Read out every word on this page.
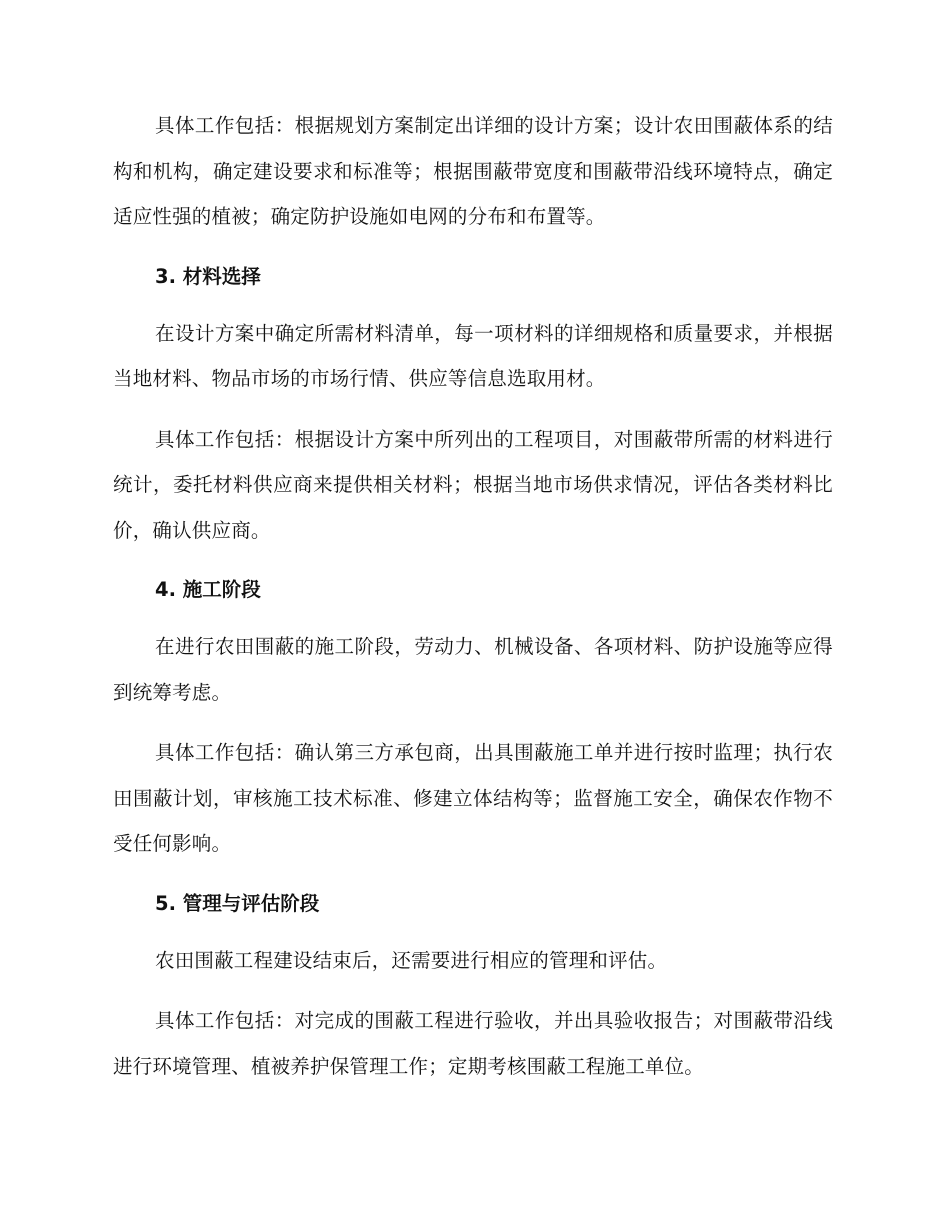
具体工作包括：根据规划方案制定出详细的设计方案；设计农田围蔽体系的结构和机构，确定建设要求和标准等；根据围蔽带宽度和围蔽带沿线环境特点，确定适应性强的植被；确定防护设施如电网的分布和布置等。

3. 材料选择

在设计方案中确定所需材料清单，每一项材料的详细规格和质量要求，并根据当地材料、物品市场的市场行情、供应等信息选取用材。

具体工作包括：根据设计方案中所列出的工程项目，对围蔽带所需的材料进行统计，委托材料供应商来提供相关材料；根据当地市场供求情况，评估各类材料比价，确认供应商。

4. 施工阶段

在进行农田围蔽的施工阶段，劳动力、机械设备、各项材料、防护设施等应得到统筹考虑。

具体工作包括：确认第三方承包商，出具围蔽施工单并进行按时监理；执行农田围蔽计划，审核施工技术标准、修建立体结构等；监督施工安全，确保农作物不受任何影响。

5. 管理与评估阶段

农田围蔽工程建设结束后，还需要进行相应的管理和评估。

具体工作包括：对完成的围蔽工程进行验收，并出具验收报告；对围蔽带沿线进行环境管理、植被养护保管理工作；定期考核围蔽工程施工单位。
